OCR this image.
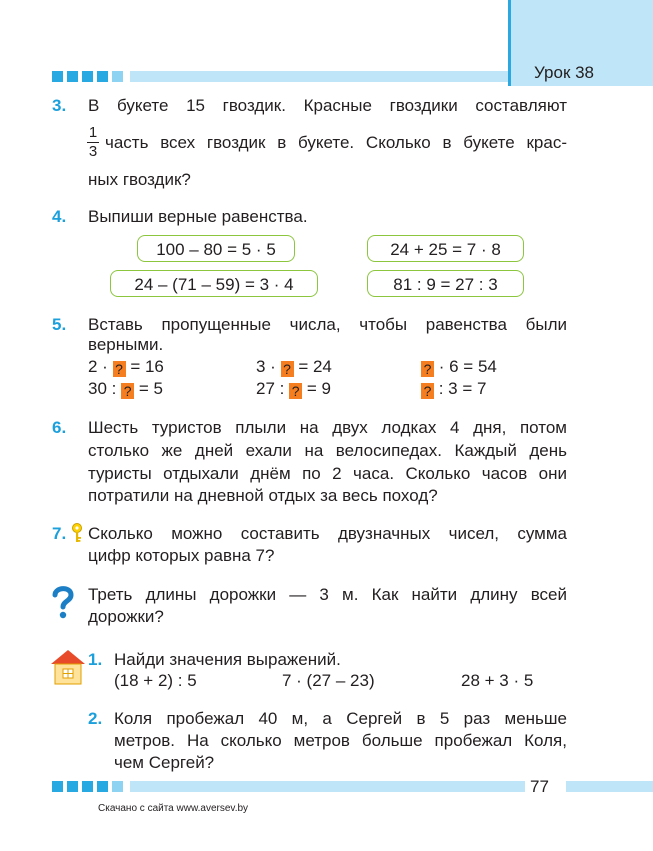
Урок 38
3. В букете 15 гвоздик. Красные гвоздики составляют
1
3 часть всех гвоздик в букете. Сколько в букете крас-
ных гвоздик?
4. Выпиши верные равенства.
100 – 80 = 5 · 5	24 + 25 = 7 · 8
24 – (71 – 59) = 3 · 4	81 : 9 = 27 : 3
5. Вставь пропущенные числа, чтобы равенства были
верными.
2 · ? = 16	3 · ? = 24	? · 6 = 54
30 : ? = 5	27 : ? = 9	? : 3 = 7
6. Шесть туристов плыли на двух лодках 4 дня, потом
столько же дней ехали на велосипедах. Каждый день
туристы отдыхали днём по 2 часа. Сколько часов они
потратили на дневной отдых за весь поход?
7. Сколько можно составить двузначных чисел, сумма
цифр которых равна 7?
Треть длины дорожки — 3 м. Как найти длину всей
дорожки?
1. Найди значения выражений.
(18 + 2) : 5	7 · (27 – 23)	28 + 3 · 5
2. Коля пробежал 40 м, а Сергей в 5 раз меньше
метров. На сколько метров больше пробежал Коля,
чем Сергей?
77
Скачано с сайта www.aversev.by
